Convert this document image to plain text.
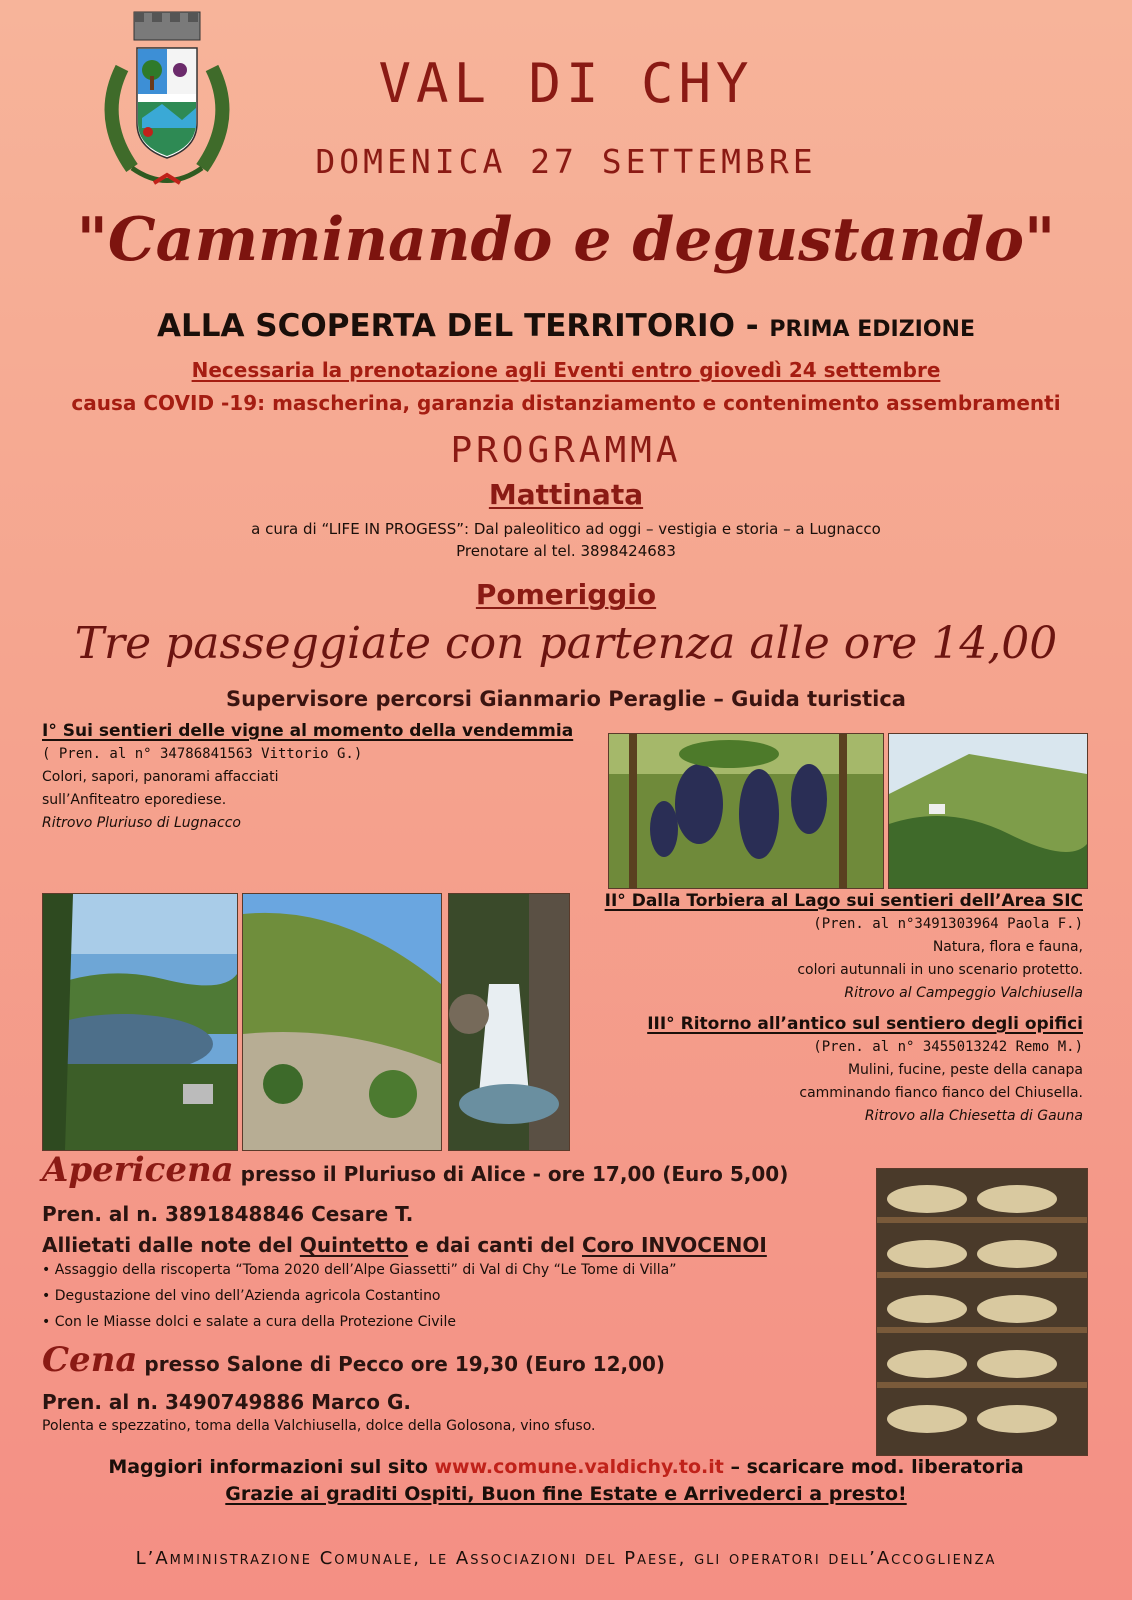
VAL DI CHY
DOMENICA 27 SETTEMBRE
"Camminando e degustando"
ALLA SCOPERTA DEL TERRITORIO - PRIMA EDIZIONE
Necessaria la prenotazione agli Eventi entro giovedì 24 settembre
causa COVID -19: mascherina, garanzia distanziamento e contenimento assembramenti
PROGRAMMA
Mattinata
a cura di “LIFE IN PROGESS”: Dal paleolitico ad oggi – vestigia e storia – a Lugnacco
Prenotare al tel. 3898424683
Pomeriggio
Tre passeggiate con partenza alle ore 14,00
Supervisore percorsi Gianmario Peraglie – Guida turistica
I° Sui sentieri delle vigne al momento della vendemmia
( Pren. al n° 34786841563 Vittorio G.)
Colori, sapori, panorami affacciati
sull’Anfiteatro eporediese.
Ritrovo Pluriuso di Lugnacco
II° Dalla Torbiera al Lago sui sentieri dell’Area SIC
(Pren. al n°3491303964 Paola F.)
Natura, flora e fauna,
colori autunnali in uno scenario protetto.
Ritrovo al Campeggio Valchiusella
III° Ritorno all’antico sul sentiero degli opifici
(Pren. al n° 3455013242 Remo M.)
Mulini, fucine, peste della canapa
camminando fianco fianco del Chiusella.
Ritrovo alla Chiesetta di Gauna
Apericena presso il Pluriuso di Alice - ore 17,00 (Euro 5,00)
Pren. al n. 3891848846 Cesare T.
Allietati dalle note del Quintetto e dai canti del Coro INVOCENOI
• Assaggio della riscoperta “Toma 2020 dell’Alpe Giassetti” di Val di Chy “Le Tome di Villa”
• Degustazione del vino dell’Azienda agricola Costantino
• Con le Miasse dolci e salate a cura della Protezione Civile
Cena presso Salone di Pecco ore 19,30 (Euro 12,00)
Pren. al n. 3490749886 Marco G.
Polenta e spezzatino, toma della Valchiusella, dolce della Golosona, vino sfuso.
Maggiori informazioni sul sito www.comune.valdichy.to.it – scaricare mod. liberatoria
Grazie ai graditi Ospiti, Buon fine Estate e Arrivederci a presto!
L’Amministrazione Comunale, le Associazioni del Paese, gli operatori dell’Accoglienza
